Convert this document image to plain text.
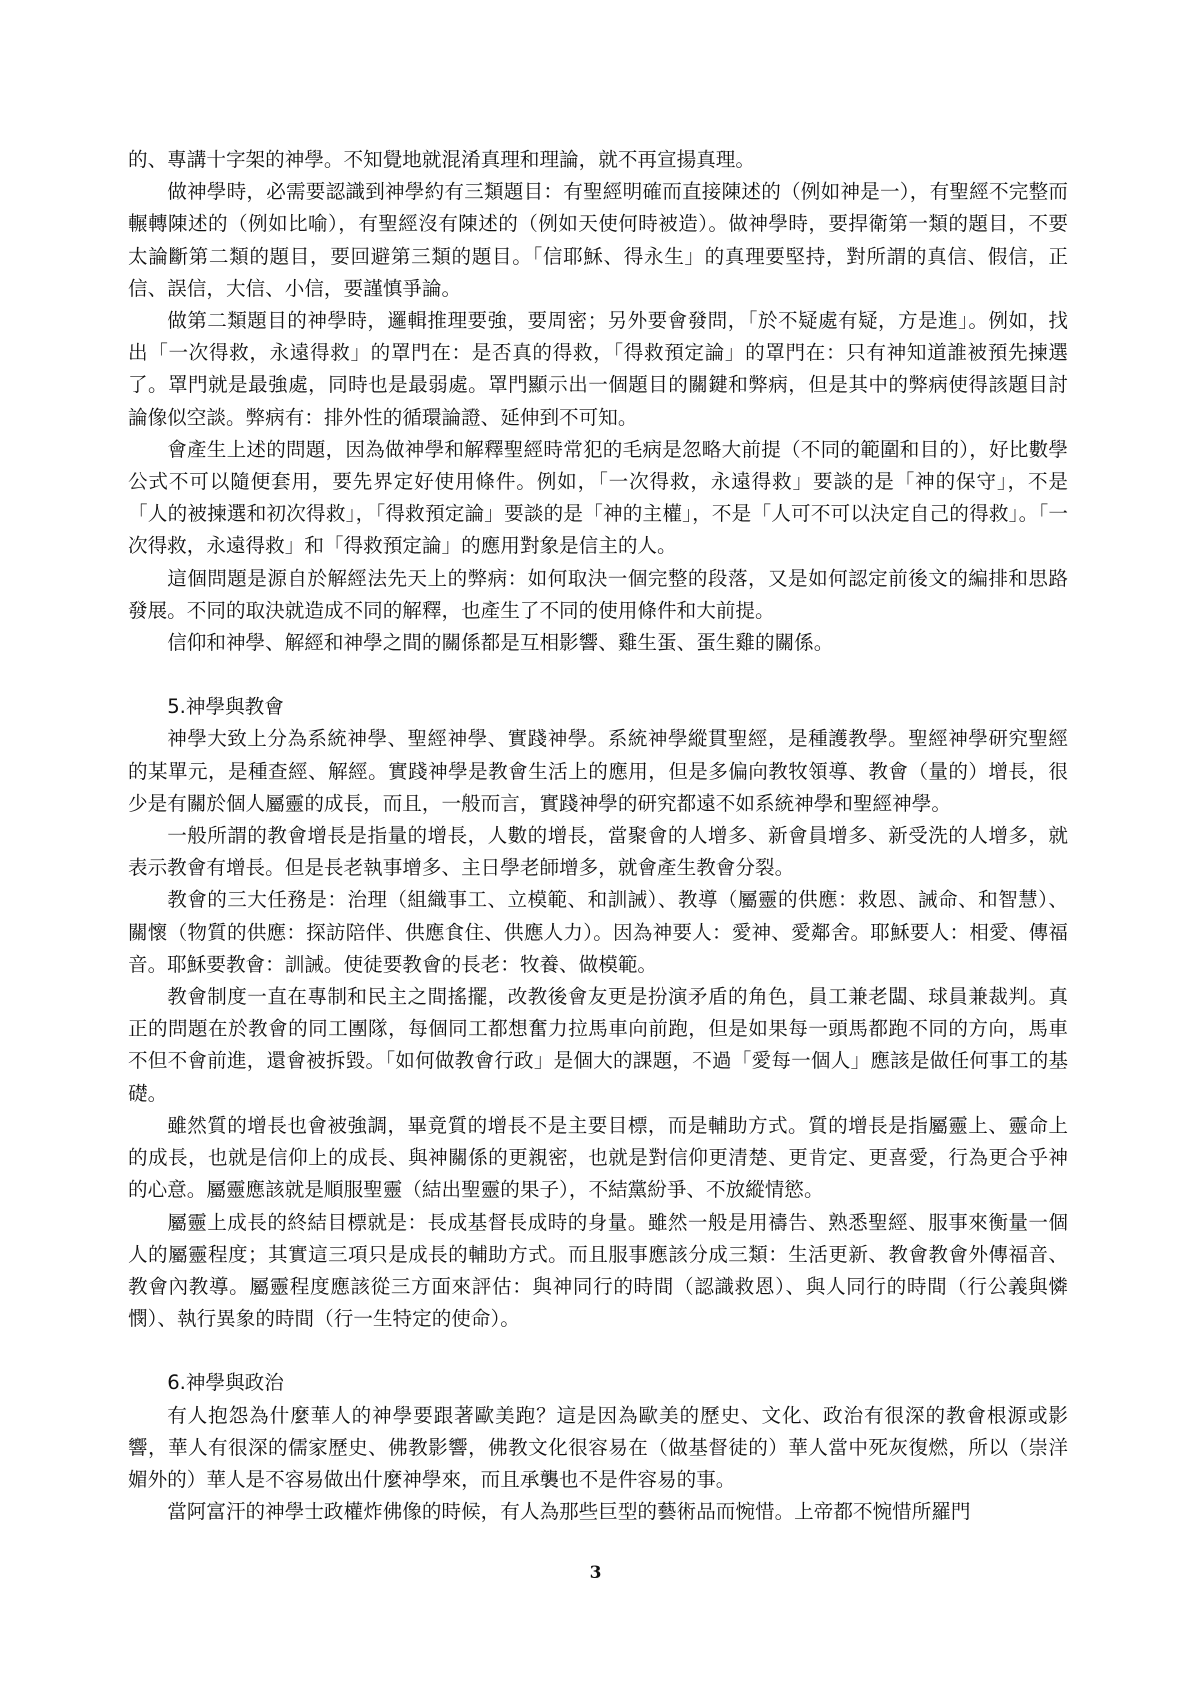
的、專講十字架的神學。不知覺地就混淆真理和理論，就不再宣揚真理。

做神學時，必需要認識到神學約有三類題目：有聖經明確而直接陳述的（例如神是一），有聖經不完整而輾轉陳述的（例如比喻），有聖經沒有陳述的（例如天使何時被造）。做神學時，要捍衛第一類的題目，不要太論斷第二類的題目，要回避第三類的題目。「信耶穌、得永生」的真理要堅持，對所謂的真信、假信，正信、誤信，大信、小信，要謹慎爭論。

做第二類題目的神學時，邏輯推理要強，要周密；另外要會發問，「於不疑處有疑，方是進」。例如，找出「一次得救，永遠得救」的罩門在：是否真的得救，「得救預定論」的罩門在：只有神知道誰被預先揀選了。罩門就是最強處，同時也是最弱處。罩門顯示出一個題目的關鍵和弊病，但是其中的弊病使得該題目討論像似空談。弊病有：排外性的循環論證、延伸到不可知。

會產生上述的問題，因為做神學和解釋聖經時常犯的毛病是忽略大前提（不同的範圍和目的），好比數學公式不可以隨便套用，要先界定好使用條件。例如，「一次得救，永遠得救」要談的是「神的保守」，不是「人的被揀選和初次得救」，「得救預定論」要談的是「神的主權」，不是「人可不可以決定自己的得救」。「一次得救，永遠得救」和「得救預定論」的應用對象是信主的人。

這個問題是源自於解經法先天上的弊病：如何取決一個完整的段落，又是如何認定前後文的編排和思路發展。不同的取決就造成不同的解釋，也產生了不同的使用條件和大前提。

信仰和神學、解經和神學之間的關係都是互相影響、雞生蛋、蛋生雞的關係。

5.神學與教會

神學大致上分為系統神學、聖經神學、實踐神學。系統神學縱貫聖經，是種護教學。聖經神學研究聖經的某單元，是種查經、解經。實踐神學是教會生活上的應用，但是多偏向教牧領導、教會（量的）增長，很少是有關於個人屬靈的成長，而且，一般而言，實踐神學的研究都遠不如系統神學和聖經神學。

一般所謂的教會增長是指量的增長，人數的增長，當聚會的人增多、新會員增多、新受洗的人增多，就表示教會有增長。但是長老執事增多、主日學老師增多，就會產生教會分裂。

教會的三大任務是：治理（組織事工、立模範、和訓誡）、教導（屬靈的供應：救恩、誡命、和智慧）、關懷（物質的供應：探訪陪伴、供應食住、供應人力）。因為神要人：愛神、愛鄰舍。耶穌要人：相愛、傳福音。耶穌要教會：訓誡。使徒要教會的長老：牧養、做模範。

教會制度一直在專制和民主之間搖擺，改教後會友更是扮演矛盾的角色，員工兼老闆、球員兼裁判。真正的問題在於教會的同工團隊，每個同工都想奮力拉馬車向前跑，但是如果每一頭馬都跑不同的方向，馬車不但不會前進，還會被拆毀。「如何做教會行政」是個大的課題，不過「愛每一個人」應該是做任何事工的基礎。

雖然質的增長也會被強調，畢竟質的增長不是主要目標，而是輔助方式。質的增長是指屬靈上、靈命上的成長，也就是信仰上的成長、與神關係的更親密，也就是對信仰更清楚、更肯定、更喜愛，行為更合乎神的心意。屬靈應該就是順服聖靈（結出聖靈的果子），不結黨紛爭、不放縱情慾。

屬靈上成長的終結目標就是：長成基督長成時的身量。雖然一般是用禱告、熟悉聖經、服事來衡量一個人的屬靈程度；其實這三項只是成長的輔助方式。而且服事應該分成三類：生活更新、教會教會外傳福音、教會內教導。屬靈程度應該從三方面來評估：與神同行的時間（認識救恩）、與人同行的時間（行公義與憐憫）、執行異象的時間（行一生特定的使命）。

6.神學與政治

有人抱怨為什麼華人的神學要跟著歐美跑？這是因為歐美的歷史、文化、政治有很深的教會根源或影響，華人有很深的儒家歷史、佛教影響，佛教文化很容易在（做基督徒的）華人當中死灰復燃，所以（崇洋媚外的）華人是不容易做出什麼神學來，而且承襲也不是件容易的事。

當阿富汗的神學士政權炸佛像的時候，有人為那些巨型的藝術品而惋惜。上帝都不惋惜所羅門

3
